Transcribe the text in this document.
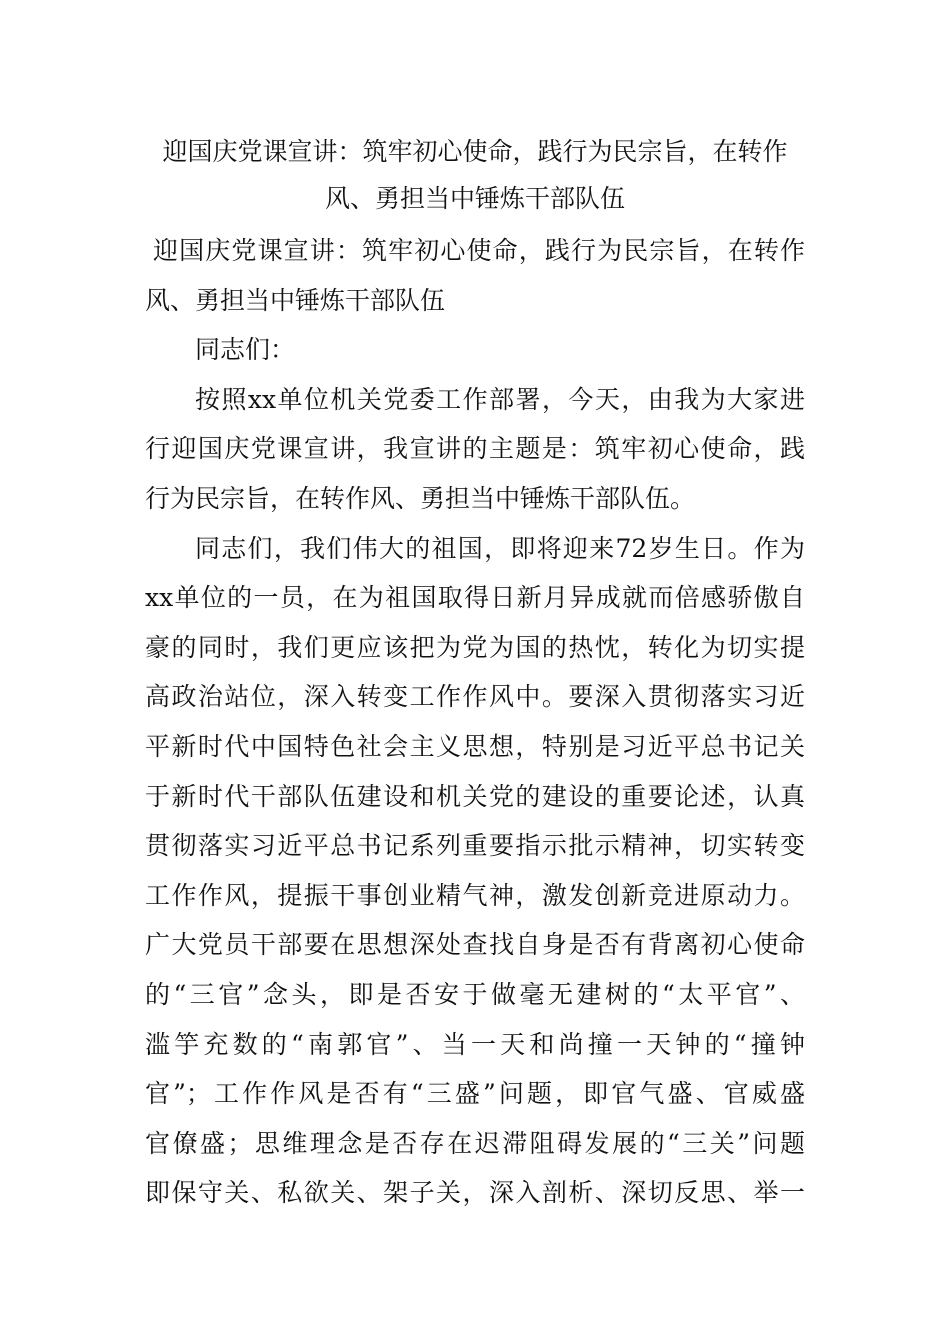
迎国庆党课宣讲：筑牢初心使命，践行为民宗旨，在转作
风、勇担当中锤炼干部队伍
迎国庆党课宣讲：筑牢初心使命，践行为民宗旨，在转作
风、勇担当中锤炼干部队伍
同志们：
按照xx单位机关党委工作部署，今天，由我为大家进
行迎国庆党课宣讲，我宣讲的主题是：筑牢初心使命，践
行为民宗旨，在转作风、勇担当中锤炼干部队伍。
同志们，我们伟大的祖国，即将迎来72岁生日。作为
xx单位的一员，在为祖国取得日新月异成就而倍感骄傲自
豪的同时，我们更应该把为党为国的热忱，转化为切实提
高政治站位，深入转变工作作风中。要深入贯彻落实习近
平新时代中国特色社会主义思想，特别是习近平总书记关
于新时代干部队伍建设和机关党的建设的重要论述，认真
贯彻落实习近平总书记系列重要指示批示精神，切实转变
工作作风，提振干事创业精气神，激发创新竞进原动力。
广大党员干部要在思想深处查找自身是否有背离初心使命
的“三官”念头，即是否安于做毫无建树的“太平官”、
滥竽充数的“南郭官”、当一天和尚撞一天钟的“撞钟
官”；工作作风是否有“三盛”问题，即官气盛、官威盛
官僚盛；思维理念是否存在迟滞阻碍发展的“三关”问题
即保守关、私欲关、架子关，深入剖析、深切反思、举一
